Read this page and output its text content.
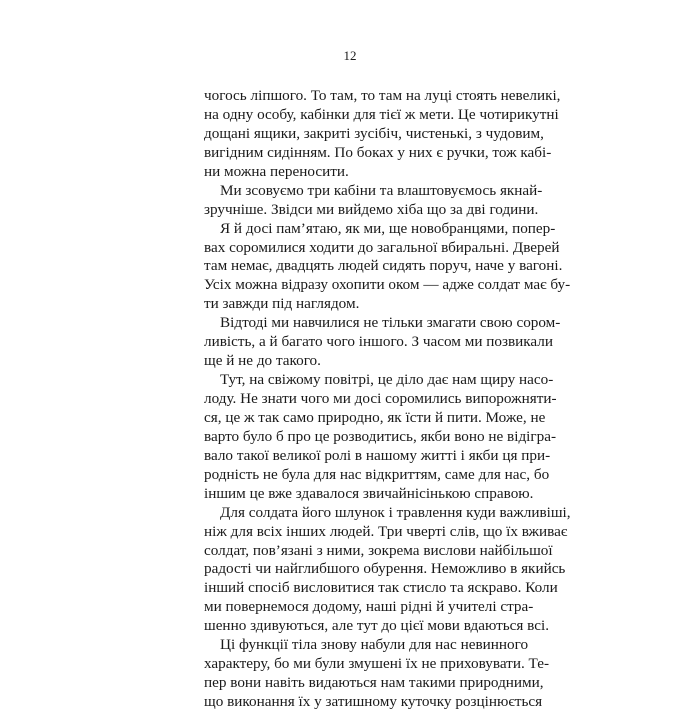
12
чогось ліпшого. То там, то там на луці стоять невеликі,
на одну особу, кабінки для тієї ж мети. Це чотирикутні
дощані ящики, закриті зусібіч, чистенькі, з чудовим,
вигідним сидінням. По боках у них є ручки, тож кабі-
ни можна переносити.
Ми зсовуємо три кабіни та влаштовуємось якнай-
зручніше. Звідси ми вийдемо хіба що за дві години.
Я й досі пам’ятаю, як ми, ще новобранцями, попер-
вах соромилися ходити до загальної вбиральні. Дверей
там немає, двадцять людей сидять поруч, наче у вагоні.
Усіх можна відразу охопити оком — адже солдат має бу-
ти завжди під наглядом.
Відтоді ми навчилися не тільки змагати свою сором-
ливість, а й багато чого іншого. З часом ми позвикали
ще й не до такого.
Тут, на свіжому повітрі, це діло дає нам щиру насо-
лоду. Не знати чого ми досі соромились випорожняти-
ся, це ж так само природно, як їсти й пити. Може, не
варто було б про це розводитись, якби воно не відігра-
вало такої великої ролі в нашому житті і якби ця при-
родність не була для нас відкриттям, саме для нас, бо
іншим це вже здавалося звичайнісінькою справою.
Для солдата його шлунок і травлення куди важливіші,
ніж для всіх інших людей. Три чверті слів, що їх вживає
солдат, пов’язані з ними, зокрема вислови найбільшої
радості чи найглибшого обурення. Неможливо в якийсь
інший спосіб висловитися так стисло та яскраво. Коли
ми повернемося додому, наші рідні й учителі стра-
шенно здивуються, але тут до цієї мови вдаються всі.
Ці функції тіла знову набули для нас невинного
характеру, бо ми були змушені їх не приховувати. Те-
пер вони навіть видаються нам такими природними,
що виконання їх у затишному куточку розцінюється
